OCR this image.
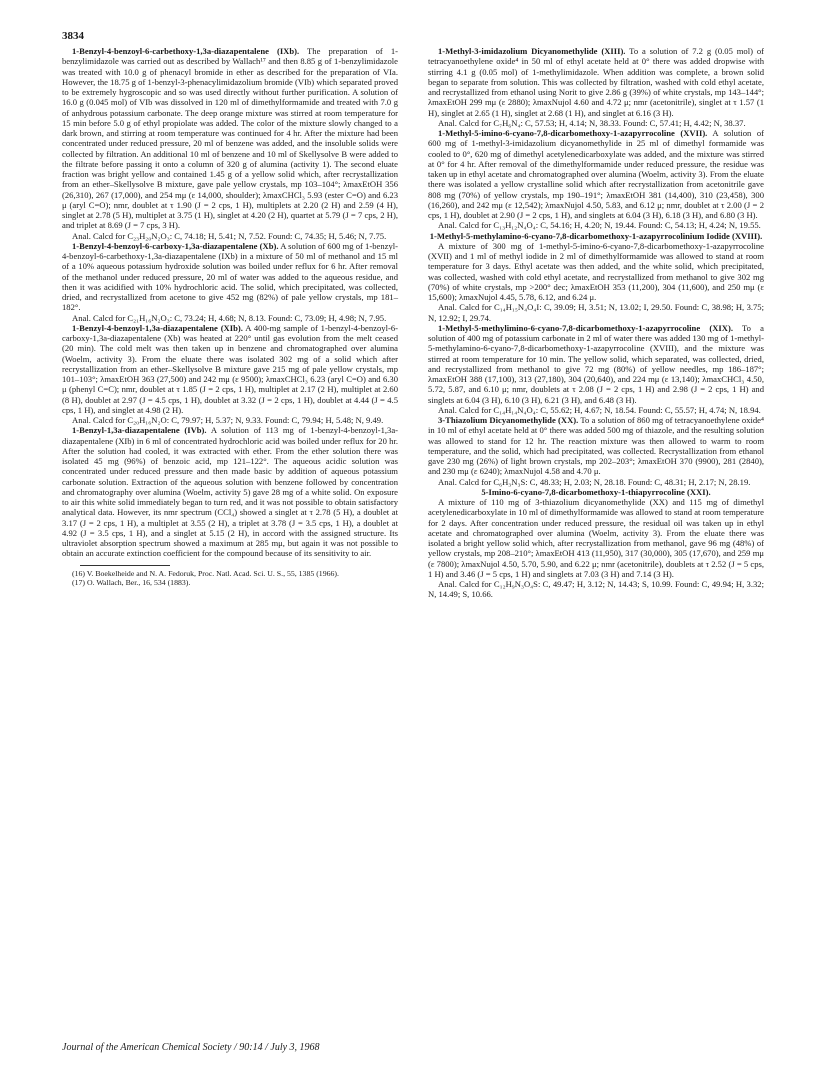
3834

1-Benzyl-4-benzoyl-6-carbethoxy-1,3a-diazapentalene (IXb). The preparation of 1-benzylimidazole was carried out as described by Wallach¹⁷ and then 8.85 g of 1-benzylimidazole was treated with 10.0 g of phenacyl bromide in ether as described for the preparation of VIa. However, the 18.75 g of 1-benzyl-3-phenacylimidazolium bromide (VIb) which separated proved to be extremely hygroscopic and so was used directly without further purification. A solution of 16.0 g (0.045 mol) of VIb was dissolved in 120 ml of dimethylformamide and treated with 7.0 g of anhydrous potassium carbonate. The deep orange mixture was stirred at room temperature for 15 min before 5.0 g of ethyl propiolate was added. The color of the mixture slowly changed to a dark brown, and stirring at room temperature was continued for 4 hr. After the mixture had been concentrated under reduced pressure, 20 ml of benzene was added, and the insoluble solids were collected by filtration. An additional 10 ml of benzene and 10 ml of Skellysolve B were added to the filtrate before passing it onto a column of 320 g of alumina (activity 1). The second eluate fraction was bright yellow and contained 1.45 g of a yellow solid which, after recrystallization from an ether–Skellysolve B mixture, gave pale yellow crystals, mp 103–104°; λmaxEtOH 356 (26,310), 267 (17,000), and 254 mμ (ε 14,000, shoulder); λmaxCHCl₃ 5.93 (ester C=O) and 6.23 μ (aryl C=O); nmr, doublet at τ 1.90 (J = 2 cps, 1 H), multiplets at 2.20 (2 H) and 2.59 (4 H), singlet at 2.78 (5 H), multiplet at 3.75 (1 H), singlet at 4.20 (2 H), quartet at 5.79 (J = 7 cps, 2 H), and triplet at 8.69 (J = 7 cps, 3 H).

Anal. Calcd for C₂₃H₂₀N₂O₃: C, 74.18; H, 5.41; N, 7.52. Found: C, 74.35; H, 5.46; N, 7.75.

1-Benzyl-4-benzoyl-6-carboxy-1,3a-diazapentalene (Xb). A solution of 600 mg of 1-benzyl-4-benzoyl-6-carbethoxy-1,3a-diazapentalene (IXb) in a mixture of 50 ml of methanol and 15 ml of a 10% aqueous potassium hydroxide solution was boiled under reflux for 6 hr. After removal of the methanol under reduced pressure, 20 ml of water was added to the aqueous residue, and then it was acidified with 10% hydrochloric acid. The solid, which precipitated, was collected, dried, and recrystallized from acetone to give 452 mg (82%) of pale yellow crystals, mp 181–182°.

Anal. Calcd for C₂₁H₁₆N₂O₃: C, 73.24; H, 4.68; N, 8.13. Found: C, 73.09; H, 4.98; N, 7.95.

1-Benzyl-4-benzoyl-1,3a-diazapentalene (XIb). A 400-mg sample of 1-benzyl-4-benzoyl-6-carboxy-1,3a-diazapentalene (Xb) was heated at 220° until gas evolution from the melt ceased (20 min). The cold melt was then taken up in benzene and chromatographed over alumina (Woelm, activity 3). From the eluate there was isolated 302 mg of a solid which after recrystallization from an ether–Skellysolve B mixture gave 215 mg of pale yellow crystals, mp 101–103°; λmaxEtOH 363 (27,500) and 242 mμ (ε 9500); λmaxCHCl₃ 6.23 (aryl C=O) and 6.30 μ (phenyl C=C); nmr, doublet at τ 1.85 (J = 2 cps, 1 H), multiplet at 2.17 (2 H), multiplet at 2.60 (8 H), doublet at 2.97 (J = 4.5 cps, 1 H), doublet at 3.32 (J = 2 cps, 1 H), doublet at 4.44 (J = 4.5 cps, 1 H), and singlet at 4.98 (2 H).

Anal. Calcd for C₂₀H₁₆N₂O: C, 79.97; H, 5.37; N, 9.33. Found: C, 79.94; H, 5.48; N, 9.49.

1-Benzyl-1,3a-diazapentalene (IVb). A solution of 113 mg of 1-benzyl-4-benzoyl-1,3a-diazapentalene (XIb) in 6 ml of concentrated hydrochloric acid was boiled under reflux for 20 hr. After the solution had cooled, it was extracted with ether. From the ether solution there was isolated 45 mg (96%) of benzoic acid, mp 121–122°. The aqueous acidic solution was concentrated under reduced pressure and then made basic by addition of aqueous potassium carbonate solution. Extraction of the aqueous solution with benzene followed by concentration and chromatography over alumina (Woelm, activity 5) gave 28 mg of a white solid. On exposure to air this white solid immediately began to turn red, and it was not possible to obtain satisfactory analytical data. However, its nmr spectrum (CCl₄) showed a singlet at τ 2.78 (5 H), a doublet at 3.17 (J = 2 cps, 1 H), a multiplet at 3.55 (2 H), a triplet at 3.78 (J = 3.5 cps, 1 H), a doublet at 4.92 (J = 3.5 cps, 1 H), and a singlet at 5.15 (2 H), in accord with the assigned structure. Its ultraviolet absorption spectrum showed a maximum at 285 mμ, but again it was not possible to obtain an accurate extinction coefficient for the compound because of its sensitivity to air.

(16) V. Boekelheide and N. A. Fedoruk, Proc. Natl. Acad. Sci. U. S., 55, 1385 (1966).

(17) O. Wallach, Ber., 16, 534 (1883).

1-Methyl-3-imidazolium Dicyanomethylide (XIII). To a solution of 7.2 g (0.05 mol) of tetracyanoethylene oxide⁴ in 50 ml of ethyl acetate held at 0° there was added dropwise with stirring 4.1 g (0.05 mol) of 1-methylimidazole. When addition was complete, a brown solid began to separate from solution. This was collected by filtration, washed with cold ethyl acetate, and recrystallized from ethanol using Norit to give 2.86 g (39%) of white crystals, mp 143–144°; λmaxEtOH 299 mμ (ε 2880); λmaxNujol 4.60 and 4.72 μ; nmr (acetonitrile), singlet at τ 1.57 (1 H), singlet at 2.65 (1 H), singlet at 2.68 (1 H), and singlet at 6.16 (3 H).

Anal. Calcd for C₇H₆N₄: C, 57.53; H, 4.14; N, 38.33. Found: C, 57.41; H, 4.42; N, 38.37.

1-Methyl-5-imino-6-cyano-7,8-dicarbomethoxy-1-azapyrrocoline (XVII). A solution of 600 mg of 1-methyl-3-imidazolium dicyanomethylide in 25 ml of dimethyl formamide was cooled to 0°, 620 mg of dimethyl acetylenedicarboxylate was added, and the mixture was stirred at 0° for 4 hr. After removal of the dimethylformamide under reduced pressure, the residue was taken up in ethyl acetate and chromatographed over alumina (Woelm, activity 3). From the eluate there was isolated a yellow crystalline solid which after recrystallization from acetonitrile gave 808 mg (70%) of yellow crystals, mp 190–191°; λmaxEtOH 381 (14,400), 310 (23,458), 300 (16,260), and 242 mμ (ε 12,542); λmaxNujol 4.50, 5.83, and 6.12 μ; nmr, doublet at τ 2.00 (J = 2 cps, 1 H), doublet at 2.90 (J = 2 cps, 1 H), and singlets at 6.04 (3 H), 6.18 (3 H), and 6.80 (3 H).

Anal. Calcd for C₁₃H₁₂N₄O₄: C, 54.16; H, 4.20; N, 19.44. Found: C, 54.13; H, 4.24; N, 19.55.

1-Methyl-5-methylamino-6-cyano-7,8-dicarbomethoxy-1-azapyrrocolinium Iodide (XVIII).

A mixture of 300 mg of 1-methyl-5-imino-6-cyano-7,8-dicarbomethoxy-1-azapyrrocoline (XVII) and 1 ml of methyl iodide in 2 ml of dimethylformamide was allowed to stand at room temperature for 3 days. Ethyl acetate was then added, and the white solid, which precipitated, was collected, washed with cold ethyl acetate, and recrystallized from methanol to give 302 mg (70%) of white crystals, mp >200° dec; λmaxEtOH 353 (11,200), 304 (11,600), and 250 mμ (ε 15,600); λmaxNujol 4.45, 5.78, 6.12, and 6.24 μ.

Anal. Calcd for C₁₄H₁₅N₄O₄I: C, 39.09; H, 3.51; N, 13.02; I, 29.50. Found: C, 38.98; H, 3.75; N, 12.92; I, 29.74.

1-Methyl-5-methylimino-6-cyano-7,8-dicarbomethoxy-1-azapyrrocoline (XIX). To a solution of 400 mg of potassium carbonate in 2 ml of water there was added 130 mg of 1-methyl-5-methylamino-6-cyano-7,8-dicarbomethoxy-1-azapyrrocoline (XVIII), and the mixture was stirred at room temperature for 10 min. The yellow solid, which separated, was collected, dried, and recrystallized from methanol to give 72 mg (80%) of yellow needles, mp 186–187°; λmaxEtOH 388 (17,100), 313 (27,180), 304 (20,640), and 224 mμ (ε 13,140); λmaxCHCl₃ 4.50, 5.72, 5.87, and 6.10 μ; nmr, doublets at τ 2.08 (J = 2 cps, 1 H) and 2.98 (J = 2 cps, 1 H) and singlets at 6.04 (3 H), 6.10 (3 H), 6.21 (3 H), and 6.48 (3 H).

Anal. Calcd for C₁₄H₁₄N₄O₄: C, 55.62; H, 4.67; N, 18.54. Found: C, 55.57; H, 4.74; N, 18.94.

3-Thiazolium Dicyanomethylide (XX). To a solution of 860 mg of tetracyanoethylene oxide⁴ in 10 ml of ethyl acetate held at 0° there was added 500 mg of thiazole, and the resulting solution was allowed to stand for 12 hr. The reaction mixture was then allowed to warm to room temperature, and the solid, which had precipitated, was collected. Recrystallization from ethanol gave 230 mg (26%) of light brown crystals, mp 202–203°; λmaxEtOH 370 (9900), 281 (2840), and 230 mμ (ε 6240); λmaxNujol 4.58 and 4.70 μ.

Anal. Calcd for C₆H₃N₃S: C, 48.33; H, 2.03; N, 28.18. Found: C, 48.31; H, 2.17; N, 28.19.

5-Imino-6-cyano-7,8-dicarbomethoxy-1-thiapyrrocoline (XXI).

A mixture of 110 mg of 3-thiazolium dicyanomethylide (XX) and 115 mg of dimethyl acetylenedicarboxylate in 10 ml of dimethylformamide was allowed to stand at room temperature for 2 days. After concentration under reduced pressure, the residual oil was taken up in ethyl acetate and chromatographed over alumina (Woelm, activity 3). From the eluate there was isolated a bright yellow solid which, after recrystallization from methanol, gave 96 mg (48%) of yellow crystals, mp 208–210°; λmaxEtOH 413 (11,950), 317 (30,000), 305 (17,670), and 259 mμ (ε 7800); λmaxNujol 4.50, 5.70, 5.90, and 6.22 μ; nmr (acetonitrile), doublets at τ 2.52 (J = 5 cps, 1 H) and 3.46 (J = 5 cps, 1 H) and singlets at 7.03 (3 H) and 7.14 (3 H).

Anal. Calcd for C₁₂H₉N₃O₄S: C, 49.47; H, 3.12; N, 14.43; S, 10.99. Found: C, 49.94; H, 3.32; N, 14.49; S, 10.66.

Journal of the American Chemical Society / 90:14 / July 3, 1968
